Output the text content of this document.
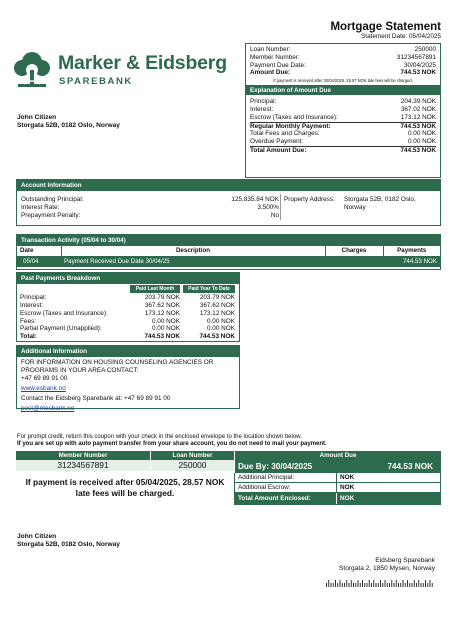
Marker & Eidsberg
SPAREBANK
Mortgage Statement
Statement Date: 05/04/2025
Loan Number:	250000
Member Number:	31234567891
Payment Due Date:	30/04/2025
Amount Due:	744.53 NOK
If payment is received after 30/04/2025, 28.57 NOK late fees will be charged.
Explanation of Amount Due
Principal:	204.39 NOK
Interest:	367.02 NOK
Escrow (Taxes and Insurance):	173.12 NOK
Regular Monthly Payment:	744.53 NOK
Total Fees and Charges:	0.00 NOK
Overdue Payment:	0.00 NOK
Total Amount Due:	744.53 NOK
John Citizen
Storgata 52B, 0182 Oslo, Norway
Account Information
Outstanding Principal:	125,835.84 NOK
Interest Rate:	3.500%
Prepayment Penalty:	No
Property Address: Storgata 52B, 0182 Oslo, Norway
Transaction Activity (05/04 to 30/04)
Date	Description	Charges	Payments
05/04	Payment Received Due Date 30/04/25		744.53 NOK
Past Payments Breakdown
Paid Last Month	Paid Year To Date
Principal:	203.79 NOK	203.79 NOK
Interest:	367.62 NOK	367.62 NOK
Escrow (Taxes and Insurance):	173.12 NOK	173.12 NOK
Fees:	0.00 NOK	0.00 NOK
Partial Payment (Unapplied):	0.00 NOK	0.00 NOK
Total:	744.53 NOK	744.53 NOK
Additional Information
FOR INFORMATION ON HOUSING COUNSELING AGENCIES OR PROGRAMS IN YOUR AREA CONTACT:
+47 69 89 91 00
www.esbank.no
Contact the Eidsberg Sparebank at: +47 69 89 91 00
post@mesbank.no
For prompt credit, return this coupon with your check in the enclosed envelope to the location shown below.
If you are set up with auto payment transfer from your share account, you do not need to mail your payment.
Member Number	Loan Number	Amount Due
31234567891	250000	Due By: 30/04/2025	744.53 NOK
If payment is received after 05/04/2025, 28.57 NOK late fees will be charged.
Additional Principal:	NOK
Additional Escrow:	NOK
Total Amount Enclosed:	NOK
John Citizen
Storgata 52B, 0182 Oslo, Norway
Eidsberg Sparebank
Storgata 2, 1850 Mysen, Norway
